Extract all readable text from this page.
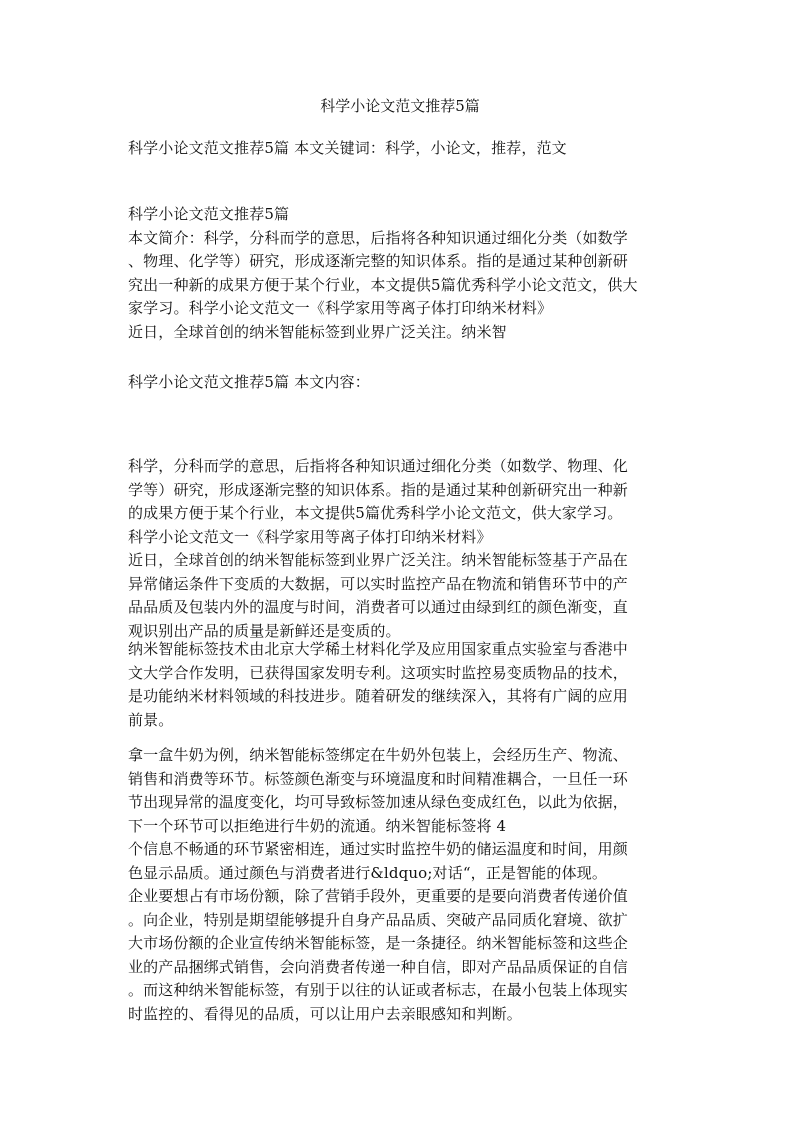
科学小论文范文推荐5篇
科学小论文范文推荐5篇 本文关键词：科学，小论文，推荐，范文
科学小论文范文推荐5篇
本文简介：科学，分科而学的意思，后指将各种知识通过细化分类（如数学
、物理、化学等）研究，形成逐渐完整的知识体系。指的是通过某种创新研
究出一种新的成果方便于某个行业，本文提供5篇优秀科学小论文范文，供大
家学习。科学小论文范文一《科学家用等离子体打印纳米材料》
近日，全球首创的纳米智能标签到业界广泛关注。纳米智
科学小论文范文推荐5篇 本文内容：
科学，分科而学的意思，后指将各种知识通过细化分类（如数学、物理、化
学等）研究，形成逐渐完整的知识体系。指的是通过某种创新研究出一种新
的成果方便于某个行业，本文提供5篇优秀科学小论文范文，供大家学习。
科学小论文范文一《科学家用等离子体打印纳米材料》
近日，全球首创的纳米智能标签到业界广泛关注。纳米智能标签基于产品在
异常储运条件下变质的大数据，可以实时监控产品在物流和销售环节中的产
品品质及包装内外的温度与时间，消费者可以通过由绿到红的颜色渐变，直
观识别出产品的质量是新鲜还是变质的。
纳米智能标签技术由北京大学稀土材料化学及应用国家重点实验室与香港中
文大学合作发明，已获得国家发明专利。这项实时监控易变质物品的技术，
是功能纳米材料领域的科技进步。随着研发的继续深入，其将有广阔的应用
前景。
拿一盒牛奶为例，纳米智能标签绑定在牛奶外包装上，会经历生产、物流、
销售和消费等环节。标签颜色渐变与环境温度和时间精准耦合，一旦任一环
节出现异常的温度变化，均可导致标签加速从绿色变成红色，以此为依据，
下一个环节可以拒绝进行牛奶的流通。纳米智能标签将 4
个信息不畅通的环节紧密相连，通过实时监控牛奶的储运温度和时间，用颜
色显示品质。通过颜色与消费者进行&ldquo;对话“，正是智能的体现。
企业要想占有市场份额，除了营销手段外，更重要的是要向消费者传递价值
。向企业，特别是期望能够提升自身产品品质、突破产品同质化窘境、欲扩
大市场份额的企业宣传纳米智能标签，是一条捷径。纳米智能标签和这些企
业的产品捆绑式销售，会向消费者传递一种自信，即对产品品质保证的自信
。而这种纳米智能标签，有别于以往的认证或者标志，在最小包装上体现实
时监控的、看得见的品质，可以让用户去亲眼感知和判断。
